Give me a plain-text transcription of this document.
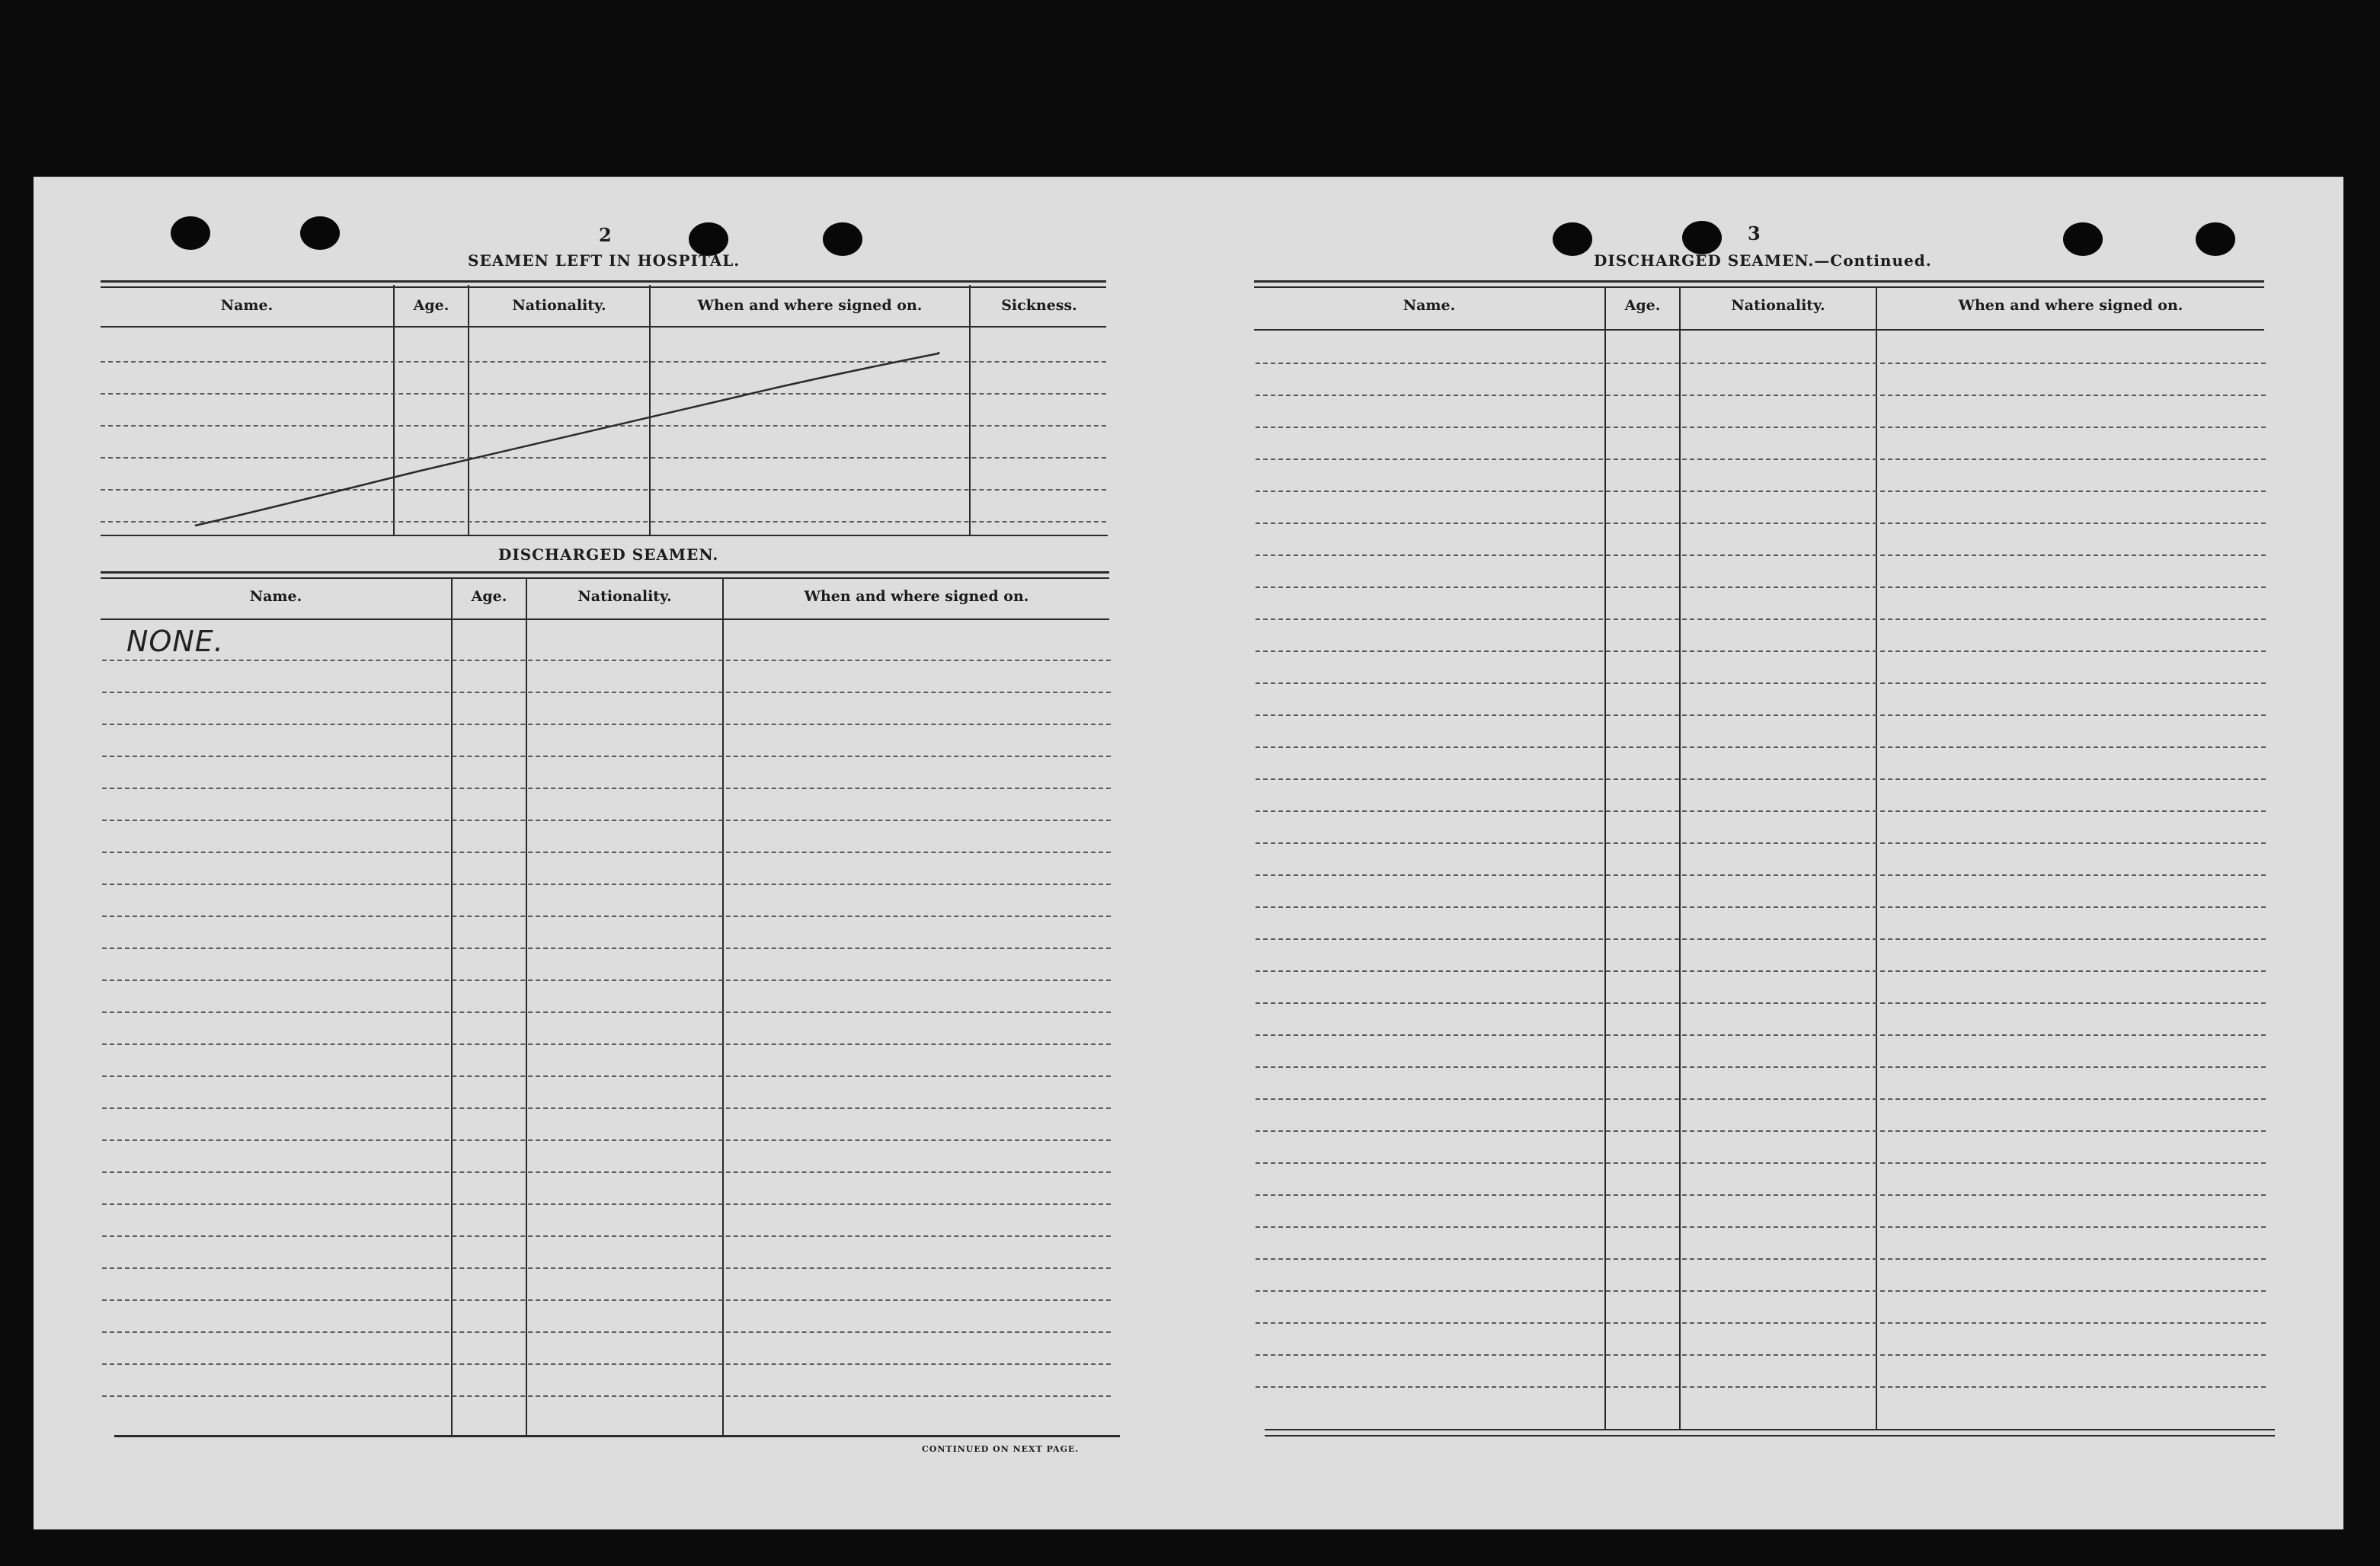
2
SEAMEN LEFT IN HOSPITAL.
Name.	Age.	Nationality.	When and where signed on.	Sickness.
DISCHARGED SEAMEN.
Name.	Age.	Nationality.	When and where signed on.
NONE.
CONTINUED ON NEXT PAGE.
3
DISCHARGED SEAMEN.—Continued.
Name.	Age.	Nationality.	When and where signed on.
